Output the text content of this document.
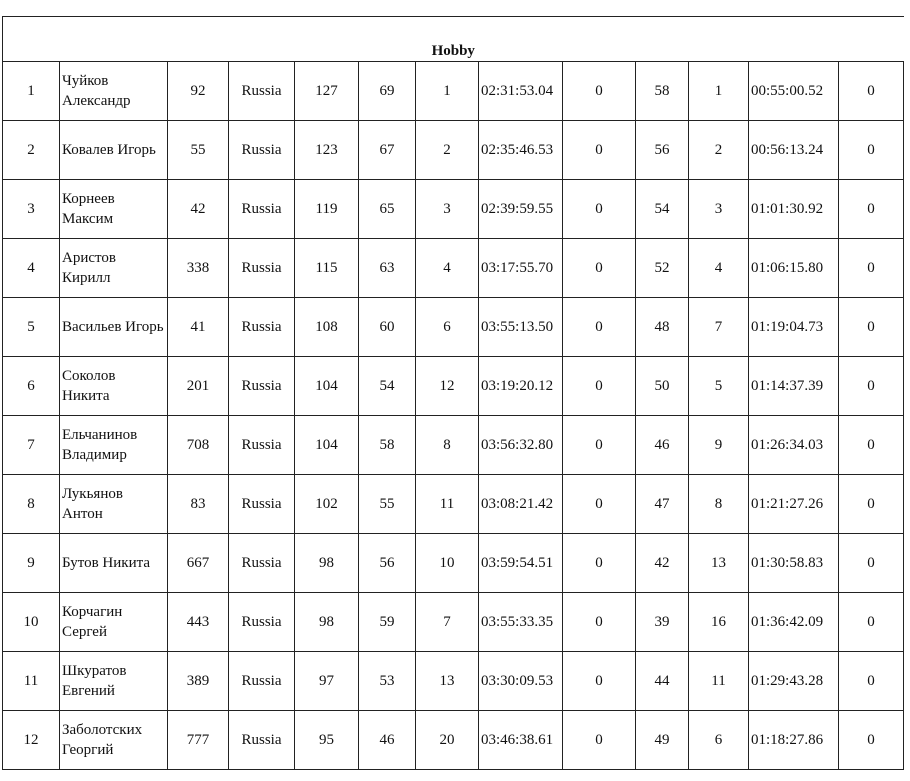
Hobby												
1	Чуйков Александр	92	Russia	127	69	1	02:31:53.04	0	58	1	00:55:00.52	0
2	Ковалев Игорь	55	Russia	123	67	2	02:35:46.53	0	56	2	00:56:13.24	0
3	Корнеев Максим	42	Russia	119	65	3	02:39:59.55	0	54	3	01:01:30.92	0
4	Аристов Кирилл	338	Russia	115	63	4	03:17:55.70	0	52	4	01:06:15.80	0
5	Васильев Игорь	41	Russia	108	60	6	03:55:13.50	0	48	7	01:19:04.73	0
6	Соколов Никита	201	Russia	104	54	12	03:19:20.12	0	50	5	01:14:37.39	0
7	Ельчанинов Владимир	708	Russia	104	58	8	03:56:32.80	0	46	9	01:26:34.03	0
8	Лукьянов Антон	83	Russia	102	55	11	03:08:21.42	0	47	8	01:21:27.26	0
9	Бутов Никита	667	Russia	98	56	10	03:59:54.51	0	42	13	01:30:58.83	0
10	Корчагин Сергей	443	Russia	98	59	7	03:55:33.35	0	39	16	01:36:42.09	0
11	Шкуратов Евгений	389	Russia	97	53	13	03:30:09.53	0	44	11	01:29:43.28	0
12	Заболотских Георгий	777	Russia	95	46	20	03:46:38.61	0	49	6	01:18:27.86	0
